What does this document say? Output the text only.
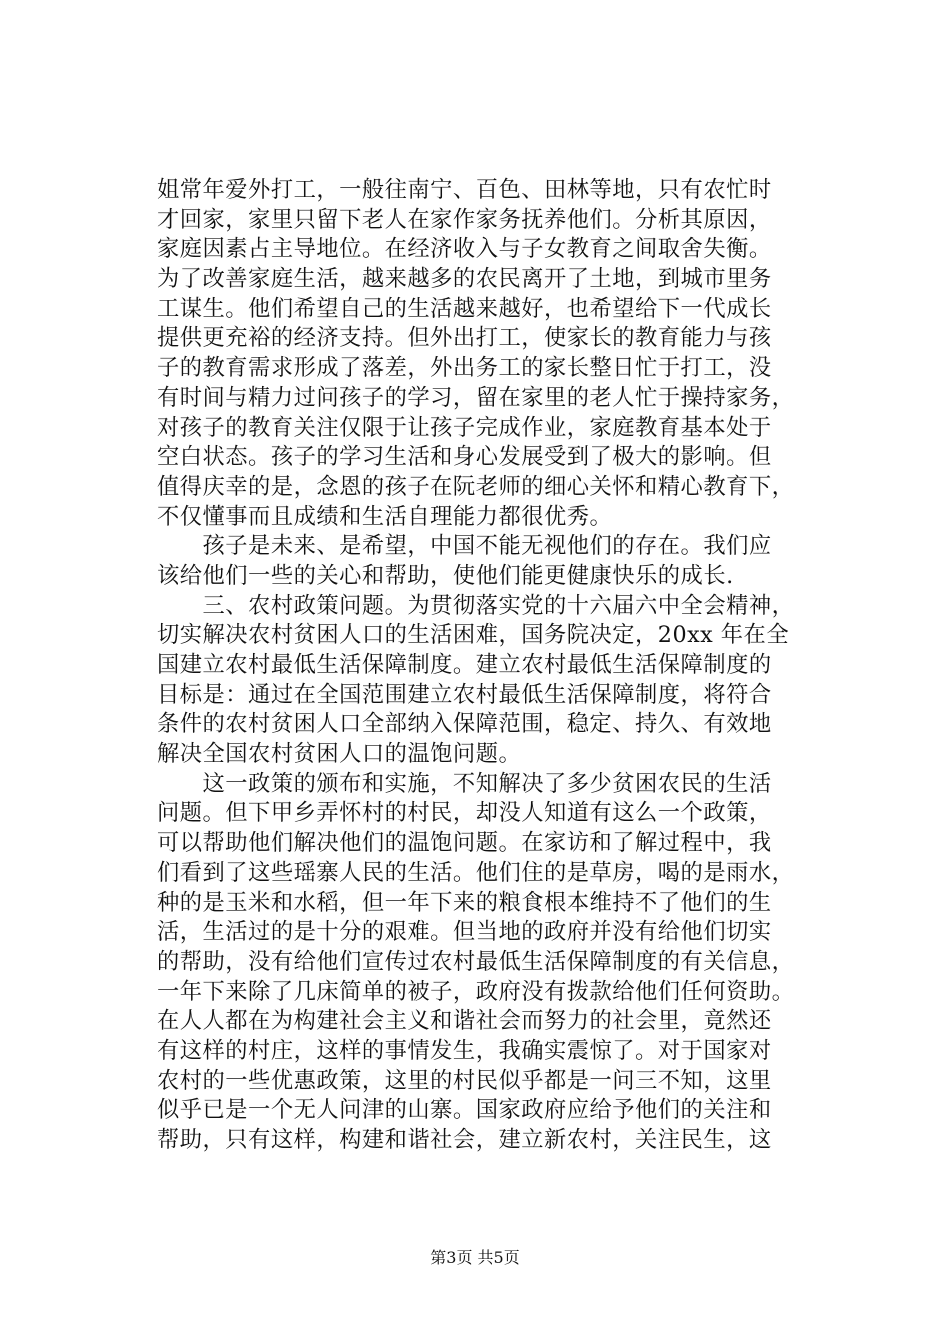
姐常年爱外打工，一般往南宁、百色、田林等地，只有农忙时
才回家，家里只留下老人在家作家务抚养他们。分析其原因，
家庭因素占主导地位。在经济收入与子女教育之间取舍失衡。
为了改善家庭生活，越来越多的农民离开了土地，到城市里务
工谋生。他们希望自己的生活越来越好，也希望给下一代成长
提供更充裕的经济支持。但外出打工，使家长的教育能力与孩
子的教育需求形成了落差，外出务工的家长整日忙于打工，没
有时间与精力过问孩子的学习，留在家里的老人忙于操持家务，
对孩子的教育关注仅限于让孩子完成作业，家庭教育基本处于
空白状态。孩子的学习生活和身心发展受到了极大的影响。但
值得庆幸的是，念恩的孩子在阮老师的细心关怀和精心教育下，
不仅懂事而且成绩和生活自理能力都很优秀。
　　孩子是未来、是希望，中国不能无视他们的存在。我们应
该给他们一些的关心和帮助，使他们能更健康快乐的成长.
　　三、农村政策问题。为贯彻落实党的十六届六中全会精神，
切实解决农村贫困人口的生活困难，国务院决定，20xx 年在全
国建立农村最低生活保障制度。建立农村最低生活保障制度的
目标是：通过在全国范围建立农村最低生活保障制度，将符合
条件的农村贫困人口全部纳入保障范围，稳定、持久、有效地
解决全国农村贫困人口的温饱问题。
　　这一政策的颁布和实施，不知解决了多少贫困农民的生活
问题。但下甲乡弄怀村的村民，却没人知道有这么一个政策，
可以帮助他们解决他们的温饱问题。在家访和了解过程中，我
们看到了这些瑶寨人民的生活。他们住的是草房，喝的是雨水，
种的是玉米和水稻，但一年下来的粮食根本维持不了他们的生
活，生活过的是十分的艰难。但当地的政府并没有给他们切实
的帮助，没有给他们宣传过农村最低生活保障制度的有关信息，
一年下来除了几床简单的被子，政府没有拨款给他们任何资助。
在人人都在为构建社会主义和谐社会而努力的社会里，竟然还
有这样的村庄，这样的事情发生，我确实震惊了。对于国家对
农村的一些优惠政策，这里的村民似乎都是一问三不知，这里
似乎已是一个无人问津的山寨。国家政府应给予他们的关注和
帮助，只有这样，构建和谐社会，建立新农村，关注民生，这
第3页 共5页
